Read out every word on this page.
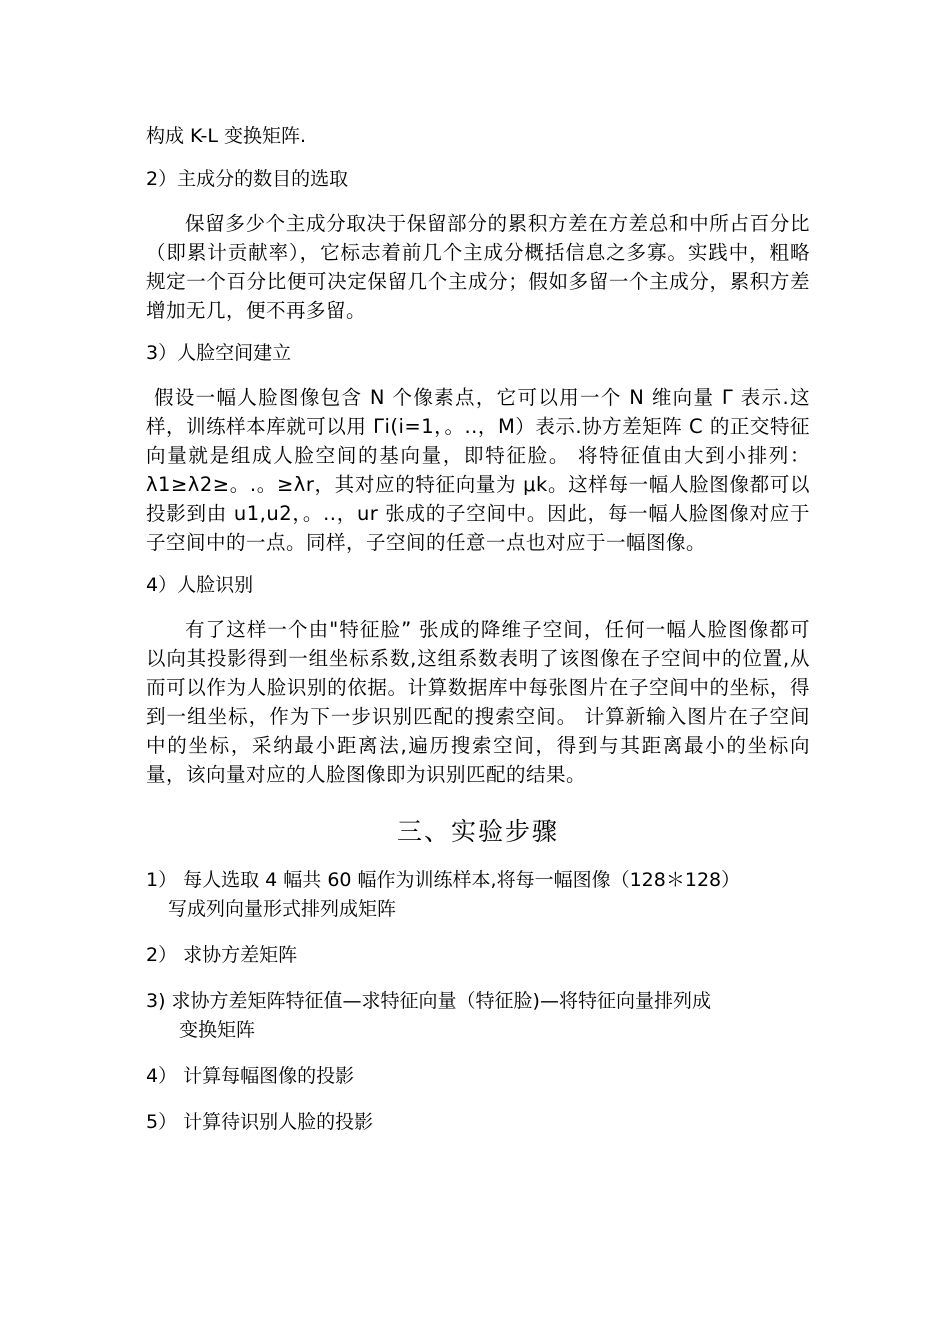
构成 K-L 变换矩阵.
2）主成分的数目的选取
保留多少个主成分取决于保留部分的累积方差在方差总和中所占百分比（即累计贡献率），它标志着前几个主成分概括信息之多寡。实践中，粗略规定一个百分比便可决定保留几个主成分；假如多留一个主成分，累积方差增加无几，便不再多留。
3）人脸空间建立
假设一幅人脸图像包含 N 个像素点，它可以用一个 N 维向量 Γ 表示.这样，训练样本库就可以用 Γi(i=1，。..，M）表示.协方差矩阵 C 的正交特征向量就是组成人脸空间的基向量，即特征脸。 将特征值由大到小排列：λ1≥λ2≥。.。≥λr，其对应的特征向量为 μk。这样每一幅人脸图像都可以投影到由 u1,u2，。..，ur 张成的子空间中。因此，每一幅人脸图像对应于子空间中的一点。同样，子空间的任意一点也对应于一幅图像。
4）人脸识别
有了这样一个由"特征脸” 张成的降维子空间，任何一幅人脸图像都可以向其投影得到一组坐标系数,这组系数表明了该图像在子空间中的位置,从而可以作为人脸识别的依据。计算数据库中每张图片在子空间中的坐标，得到一组坐标，作为下一步识别匹配的搜索空间。 计算新输入图片在子空间中的坐标，采纳最小距离法,遍历搜索空间，得到与其距离最小的坐标向量，该向量对应的人脸图像即为识别匹配的结果。
三、实验步骤
1） 每人选取 4 幅共 60 幅作为训练样本,将每一幅图像（128＊128）
写成列向量形式排列成矩阵
2） 求协方差矩阵
3) 求协方差矩阵特征值—求特征向量（特征脸)—将特征向量排列成
变换矩阵
4） 计算每幅图像的投影
5） 计算待识别人脸的投影
